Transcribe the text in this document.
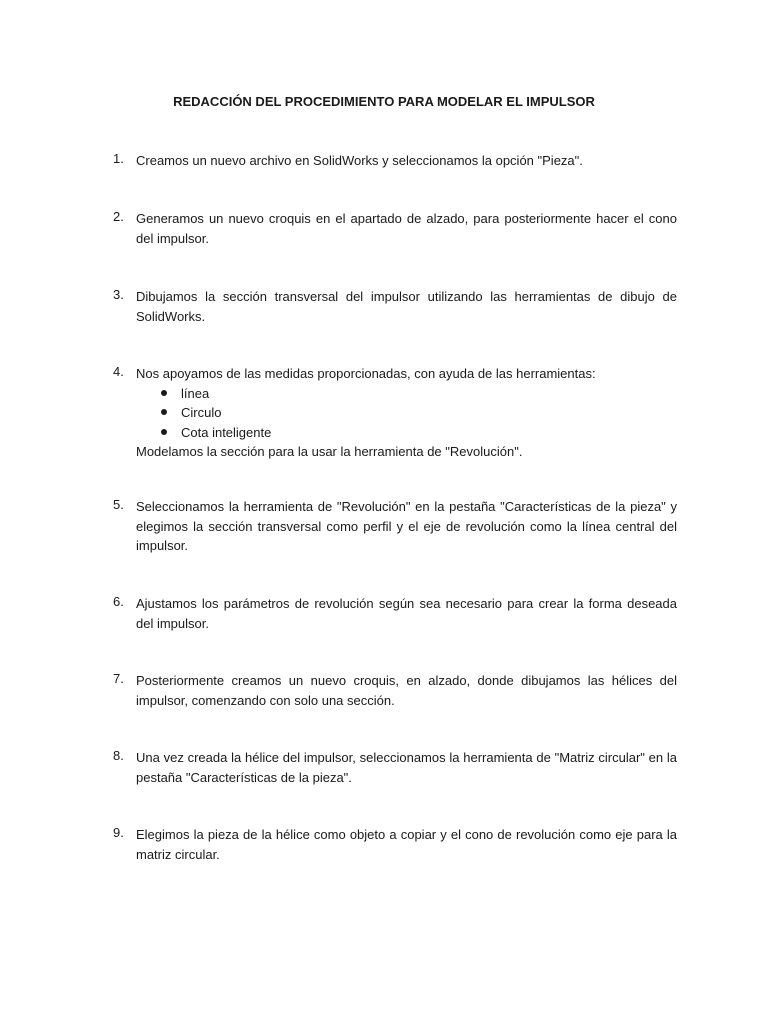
REDACCIÓN DEL PROCEDIMIENTO PARA MODELAR EL IMPULSOR
1. Creamos un nuevo archivo en SolidWorks y seleccionamos la opción "Pieza".
2. Generamos un nuevo croquis en el apartado de alzado, para posteriormente hacer el cono del impulsor.
3. Dibujamos la sección transversal del impulsor utilizando las herramientas de dibujo de SolidWorks.
4. Nos apoyamos de las medidas proporcionadas, con ayuda de las herramientas:
línea
Circulo
Cota inteligente
Modelamos la sección para la usar la herramienta de "Revolución".
5. Seleccionamos la herramienta de "Revolución" en la pestaña "Características de la pieza" y elegimos la sección transversal como perfil y el eje de revolución como la línea central del impulsor.
6. Ajustamos los parámetros de revolución según sea necesario para crear la forma deseada del impulsor.
7. Posteriormente creamos un nuevo croquis, en alzado, donde dibujamos las hélices del impulsor, comenzando con solo una sección.
8. Una vez creada la hélice del impulsor, seleccionamos la herramienta de "Matriz circular" en la pestaña "Características de la pieza".
9. Elegimos la pieza de la hélice como objeto a copiar y el cono de revolución como eje para la matriz circular.
